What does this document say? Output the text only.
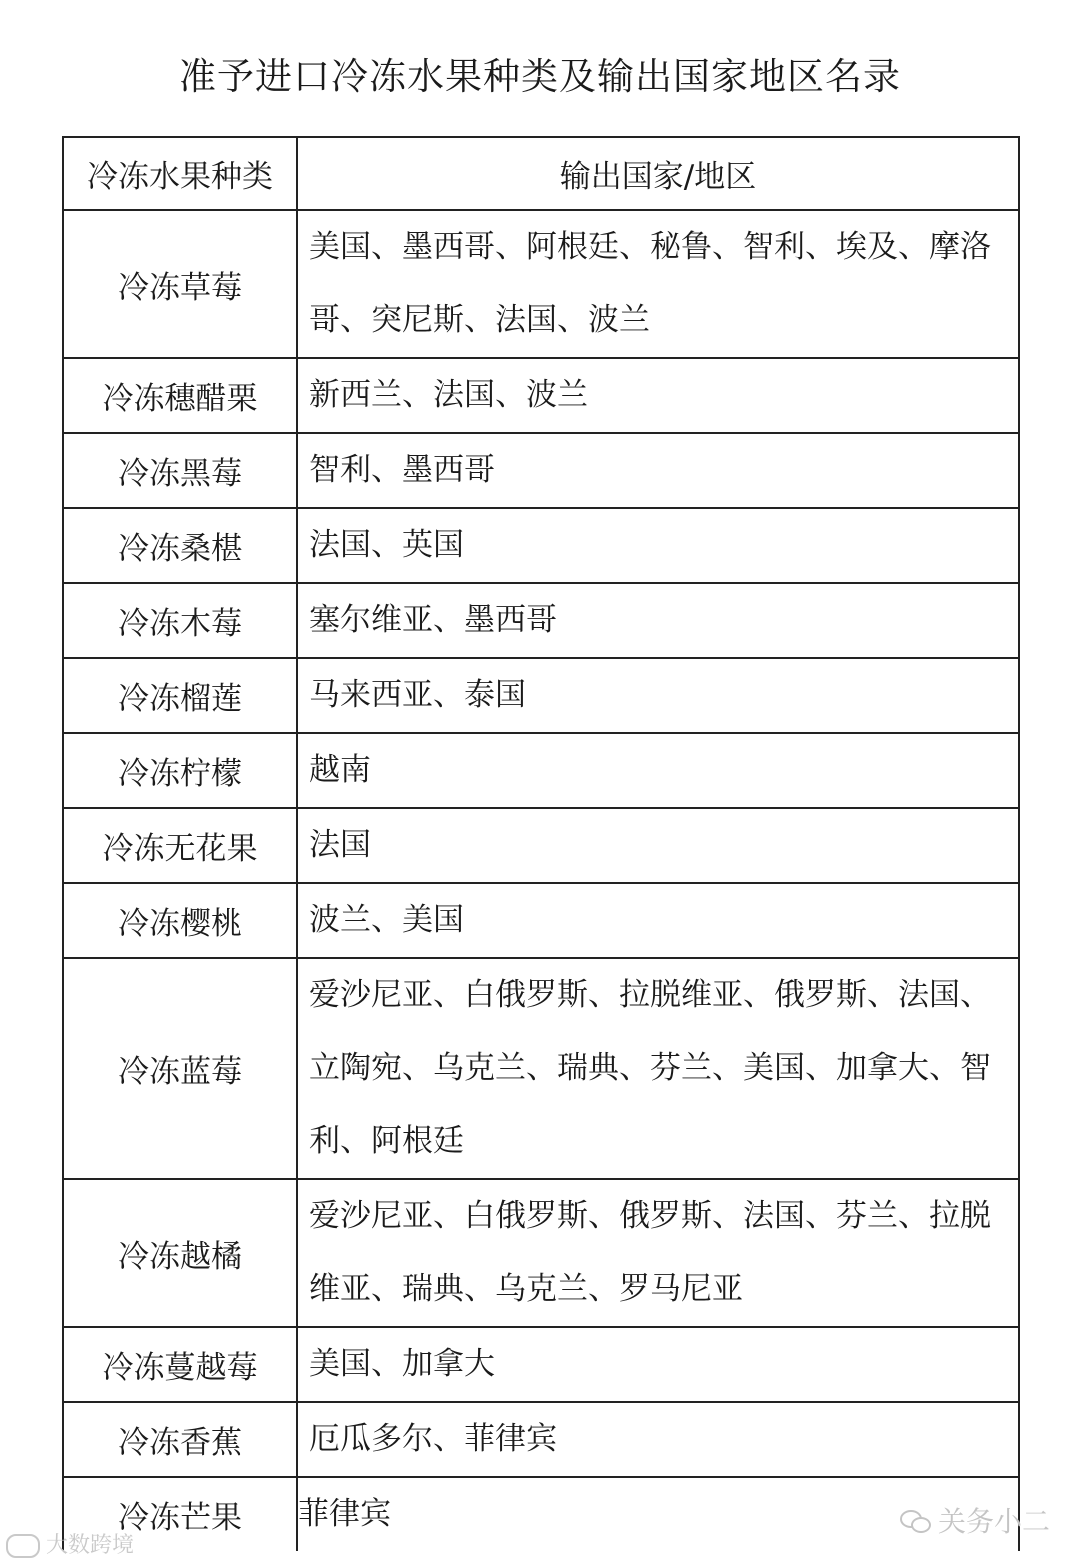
准予进口冷冻水果种类及输出国家地区名录
冷冻水果种类	输出国家/地区
冷冻草莓	美国、墨西哥、阿根廷、秘鲁、智利、埃及、摩洛哥、突尼斯、法国、波兰
冷冻穗醋栗	新西兰、法国、波兰
冷冻黑莓	智利、墨西哥
冷冻桑椹	法国、英国
冷冻木莓	塞尔维亚、墨西哥
冷冻榴莲	马来西亚、泰国
冷冻柠檬	越南
冷冻无花果	法国
冷冻樱桃	波兰、美国
冷冻蓝莓	爱沙尼亚、白俄罗斯、拉脱维亚、俄罗斯、法国、立陶宛、乌克兰、瑞典、芬兰、美国、加拿大、智利、阿根廷
冷冻越橘	爱沙尼亚、白俄罗斯、俄罗斯、法国、芬兰、拉脱维亚、瑞典、乌克兰、罗马尼亚
冷冻蔓越莓	美国、加拿大
冷冻香蕉	厄瓜多尔、菲律宾
冷冻芒果	菲律宾
大数跨境
关务小二
